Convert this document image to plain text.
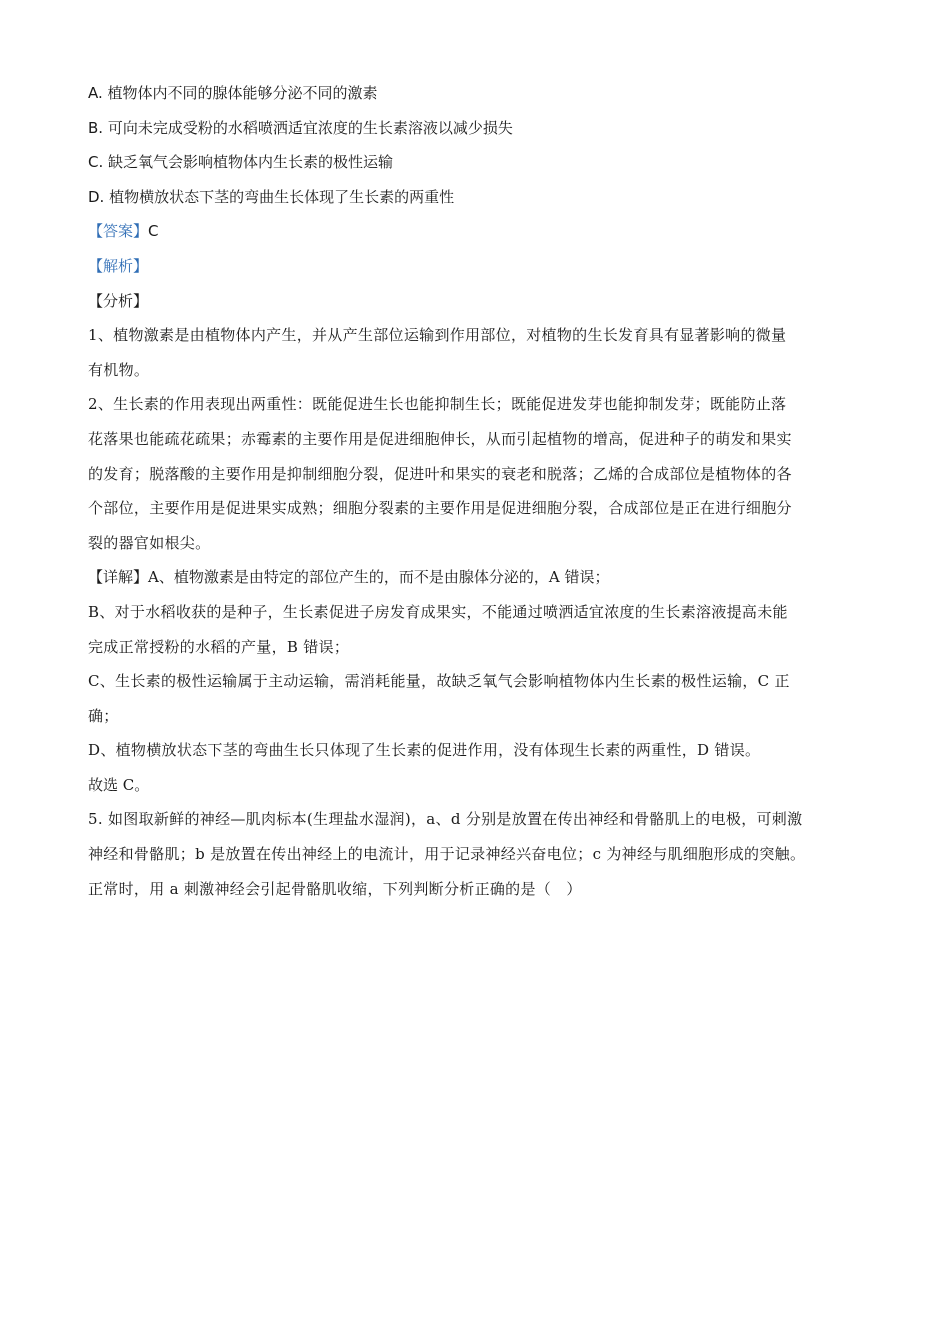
A. 植物体内不同的腺体能够分泌不同的激素
B. 可向未完成受粉的水稻喷洒适宜浓度的生长素溶液以减少损失
C. 缺乏氧气会影响植物体内生长素的极性运输
D. 植物横放状态下茎的弯曲生长体现了生长素的两重性
【答案】C
【解析】
【分析】
1、植物激素是由植物体内产生，并从产生部位运输到作用部位，对植物的生长发育具有显著影响的微量
有机物。
2、生长素的作用表现出两重性：既能促进生长也能抑制生长；既能促进发芽也能抑制发芽；既能防止落
花落果也能疏花疏果；赤霉素的主要作用是促进细胞伸长，从而引起植物的增高，促进种子的萌发和果实
的发育；脱落酸的主要作用是抑制细胞分裂，促进叶和果实的衰老和脱落；乙烯的合成部位是植物体的各
个部位，主要作用是促进果实成熟；细胞分裂素的主要作用是促进细胞分裂，合成部位是正在进行细胞分
裂的器官如根尖。
【详解】A、植物激素是由特定的部位产生的，而不是由腺体分泌的，A 错误；
B、对于水稻收获的是种子，生长素促进子房发育成果实，不能通过喷洒适宜浓度的生长素溶液提高未能
完成正常授粉的水稻的产量，B 错误；
C、生长素的极性运输属于主动运输，需消耗能量，故缺乏氧气会影响植物体内生长素的极性运输，C 正
确；
D、植物横放状态下茎的弯曲生长只体现了生长素的促进作用，没有体现生长素的两重性，D 错误。
故选 C。
5. 如图取新鲜的神经—肌肉标本(生理盐水湿润)，a、d 分别是放置在传出神经和骨骼肌上的电极，可刺激
神经和骨骼肌；b 是放置在传出神经上的电流计，用于记录神经兴奋电位；c 为神经与肌细胞形成的突触。
正常时，用 a 刺激神经会引起骨骼肌收缩，下列判断分析正确的是（　）
